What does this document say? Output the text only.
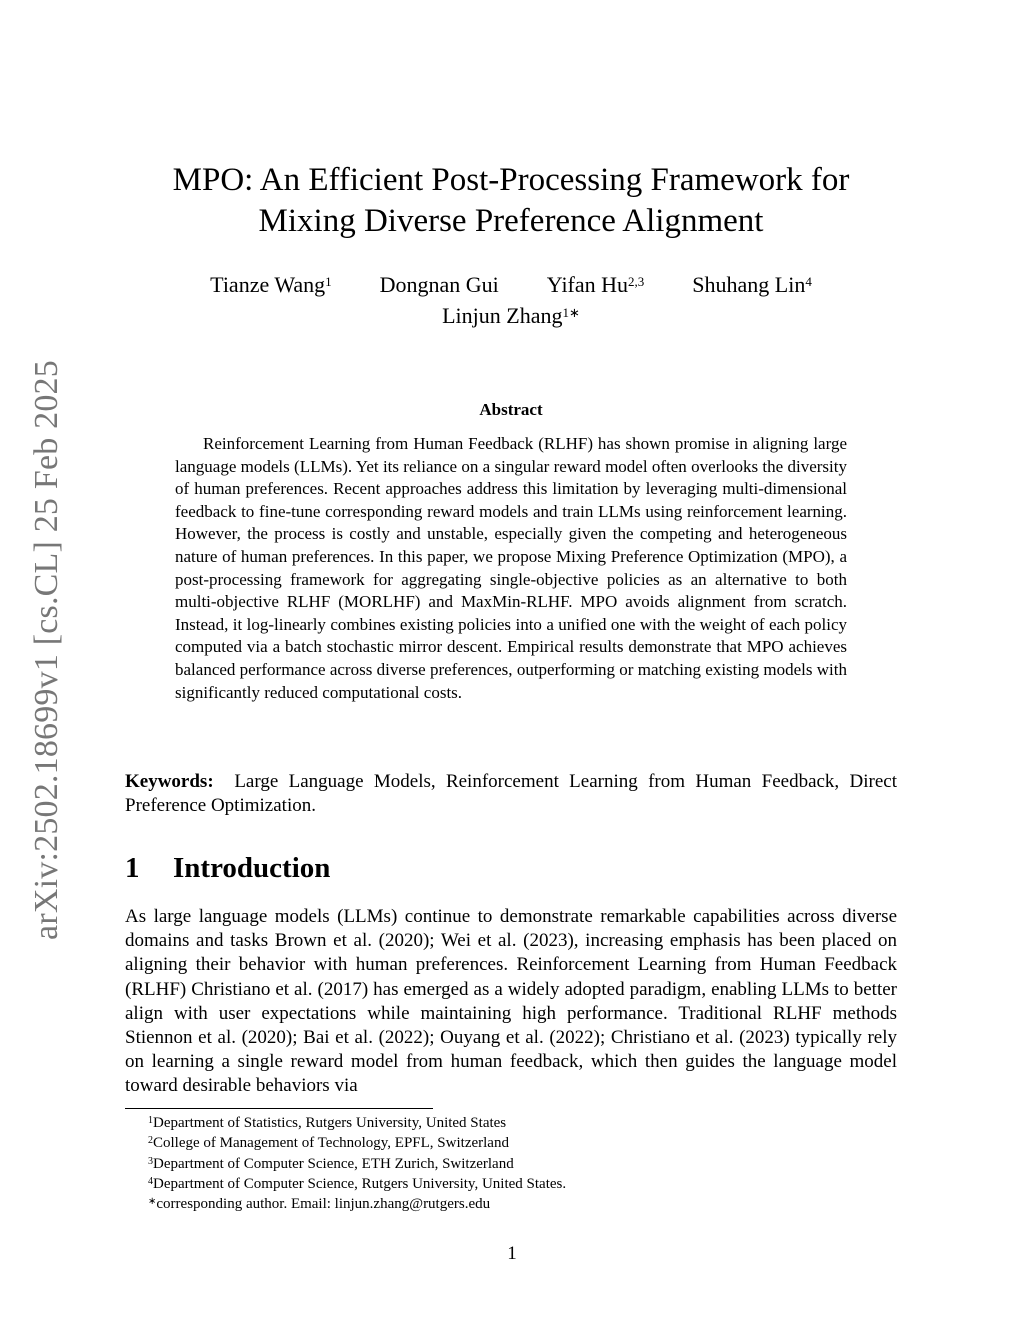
arXiv:2502.18699v1 [cs.CL] 25 Feb 2025
MPO: An Efficient Post-Processing Framework for
Mixing Diverse Preference Alignment
Tianze Wang$^1$ Dongnan Gui Yifan Hu$^{2,3}$ Shuhang Lin$^4$
Linjun Zhang$^{1∗}$
Abstract

Reinforcement Learning from Human Feedback (RLHF) has shown promise in aligning large language models (LLMs). Yet its reliance on a singular reward model often overlooks the diversity of human preferences. Recent approaches address this limitation by leveraging multi-dimensional feedback to fine-tune corresponding reward models and train LLMs using reinforcement learning. However, the process is costly and unstable, especially given the competing and heterogeneous nature of human preferences. In this paper, we propose Mixing Preference Optimization (MPO), a post-processing framework for aggregating single-objective policies as an alternative to both multi-objective RLHF (MORLHF) and MaxMin-RLHF. MPO avoids alignment from scratch. Instead, it log-linearly combines existing policies into a unified one with the weight of each policy computed via a batch stochastic mirror descent. Empirical results demonstrate that MPO achieves balanced performance across diverse preferences, outperforming or matching existing models with significantly reduced computational costs.

Keywords: Large Language Models, Reinforcement Learning from Human Feedback, Direct Preference Optimization.

1 Introduction

As large language models (LLMs) continue to demonstrate remarkable capabilities across diverse domains and tasks Brown et al. (2020); Wei et al. (2023), increasing emphasis has been placed on aligning their behavior with human preferences. Reinforcement Learning from Human Feedback (RLHF) Christiano et al. (2017) has emerged as a widely adopted paradigm, enabling LLMs to better align with user expectations while maintaining high performance. Traditional RLHF methods Stiennon et al. (2020); Bai et al. (2022); Ouyang et al. (2022); Christiano et al. (2023) typically rely on learning a single reward model from human feedback, which then guides the language model toward desirable behaviors via

$^1$Department of Statistics, Rutgers University, United States
$^2$College of Management of Technology, EPFL, Switzerland
$^3$Department of Computer Science, ETH Zurich, Switzerland
$^4$Department of Computer Science, Rutgers University, United States.
∗corresponding author. Email: linjun.zhang@rutgers.edu
1
